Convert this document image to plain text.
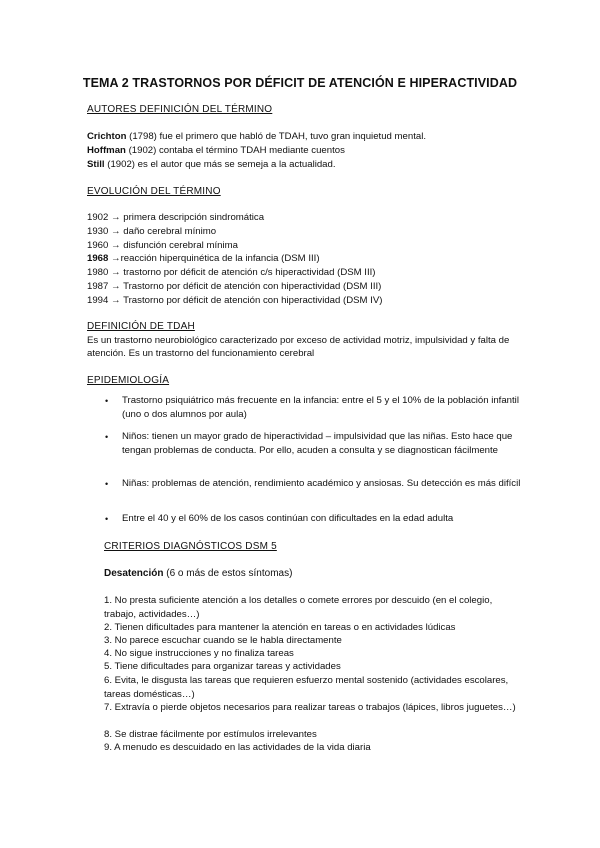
TEMA 2 TRASTORNOS POR DÉFICIT DE ATENCIÓN E HIPERACTIVIDAD
AUTORES DEFINICIÓN DEL TÉRMINO
Crichton (1798) fue el primero que habló de TDAH, tuvo gran inquietud mental.
Hoffman (1902) contaba el término TDAH mediante cuentos
Still (1902) es el autor que más se semeja a la actualidad.
EVOLUCIÓN DEL TÉRMINO
1902 → primera descripción sindromática
1930 → daño cerebral mínimo
1960 → disfunción cerebral mínima
1968 →reacción hiperquinética de la infancia (DSM III)
1980 → trastorno por déficit de atención c/s hiperactividad (DSM III)
1987 → Trastorno por déficit de atención con hiperactividad (DSM III)
1994 → Trastorno por déficit de atención con hiperactividad (DSM IV)
DEFINICIÓN DE TDAH
Es un trastorno neurobiológico caracterizado por exceso de actividad motriz, impulsividad y falta de atención. Es un trastorno del funcionamiento cerebral
EPIDEMIOLOGÍA
• Trastorno psiquiátrico más frecuente en la infancia: entre el 5 y el 10% de la población infantil (uno o dos alumnos por aula)
• Niños: tienen un mayor grado de hiperactividad – impulsividad que las niñas. Esto hace que tengan problemas de conducta. Por ello, acuden a consulta y se diagnostican fácilmente
• Niñas: problemas de atención, rendimiento académico y ansiosas. Su detección es más difícil
• Entre el 40 y el 60% de los casos continúan con dificultades en la edad adulta
CRITERIOS DIAGNÓSTICOS DSM 5
Desatención (6 o más de estos síntomas)
1. No presta suficiente atención a los detalles o comete errores por descuido (en el colegio, trabajo, actividades…)
2. Tienen dificultades para mantener la atención en tareas o en actividades lúdicas
3. No parece escuchar cuando se le habla directamente
4. No sigue instrucciones y no finaliza tareas
5. Tiene dificultades para organizar tareas y actividades
6. Evita, le disgusta las tareas que requieren esfuerzo mental sostenido (actividades escolares, tareas domésticas…)
7. Extravía o pierde objetos necesarios para realizar tareas o trabajos (lápices, libros juguetes…)
8. Se distrae fácilmente por estímulos irrelevantes
9. A menudo es descuidado en las actividades de la vida diaria
